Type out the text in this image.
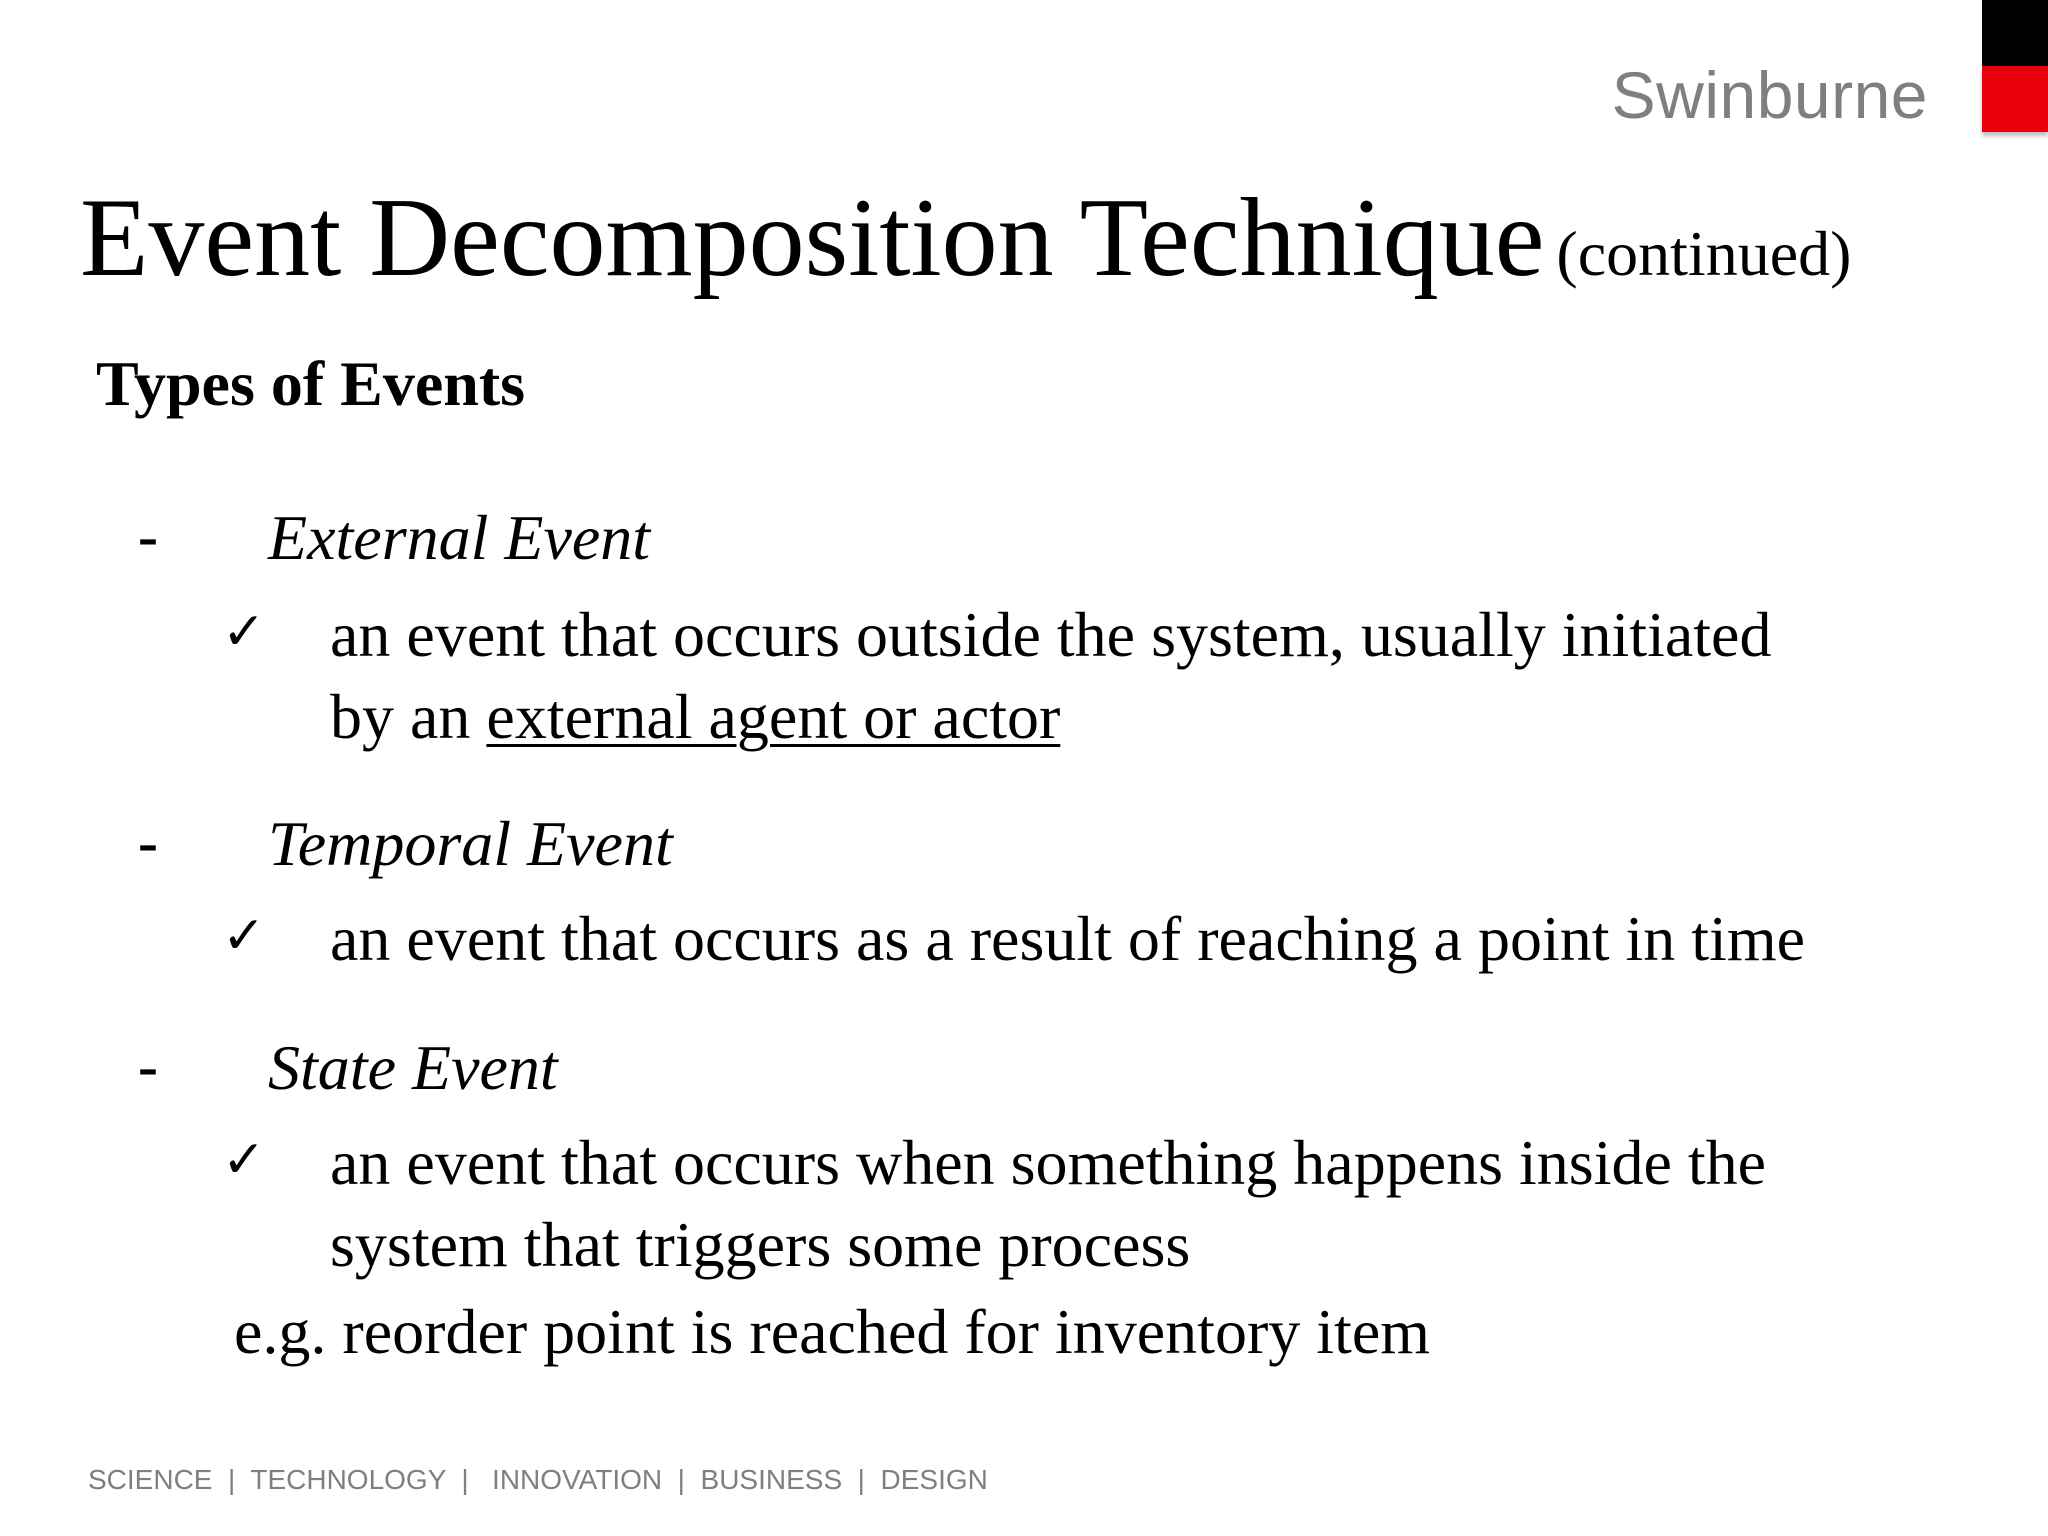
Swinburne
Event Decomposition Technique (continued)
Types of Events
- External Event
✓ an event that occurs outside the system, usually initiated
by an external agent or actor
- Temporal Event
✓ an event that occurs as a result of reaching a point in time
- State Event
✓ an event that occurs when something happens inside the
system that triggers some process
e.g. reorder point is reached for inventory item
SCIENCE  |  TECHNOLOGY  |   INNOVATION  |  BUSINESS  |  DESIGN
